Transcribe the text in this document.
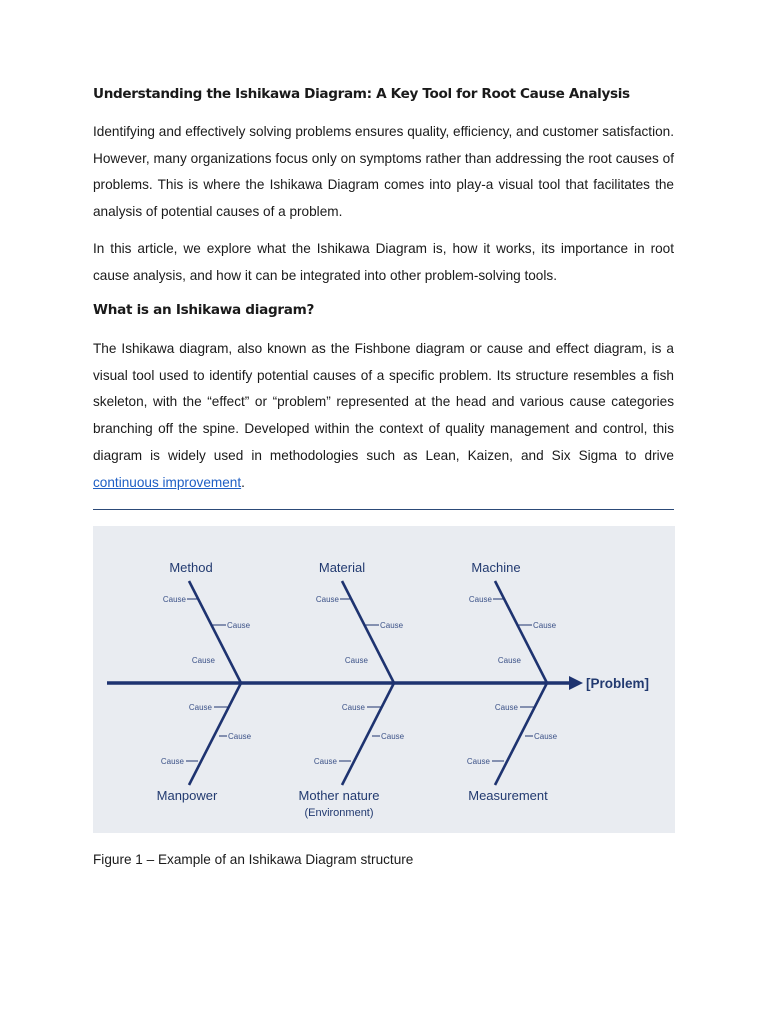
Understanding the Ishikawa Diagram: A Key Tool for Root Cause Analysis

Identifying and effectively solving problems ensures quality, efficiency, and customer satisfaction. However, many organizations focus only on symptoms rather than addressing the root causes of problems. This is where the Ishikawa Diagram comes into play-a visual tool that facilitates the analysis of potential causes of a problem.

In this article, we explore what the Ishikawa Diagram is, how it works, its importance in root cause analysis, and how it can be integrated into other problem-solving tools.

What is an Ishikawa diagram?

The Ishikawa diagram, also known as the Fishbone diagram or cause and effect diagram, is a visual tool used to identify potential causes of a specific problem. Its structure resembles a fish skeleton, with the “effect” or “problem” represented at the head and various cause categories branching off the spine. Developed within the context of quality management and control, this diagram is widely used in methodologies such as Lean, Kaizen, and Six Sigma to drive continuous improvement.

Method	Material	Machine
Manpower	Mother nature	Measurement
(Environment)
[Problem]
Cause
Cause
Cause
Cause
Cause
Cause
Cause
Cause
Cause
Cause
Cause
Cause
Cause
Cause
Cause
Cause
Cause
Cause

Figure 1 – Example of an Ishikawa Diagram structure
